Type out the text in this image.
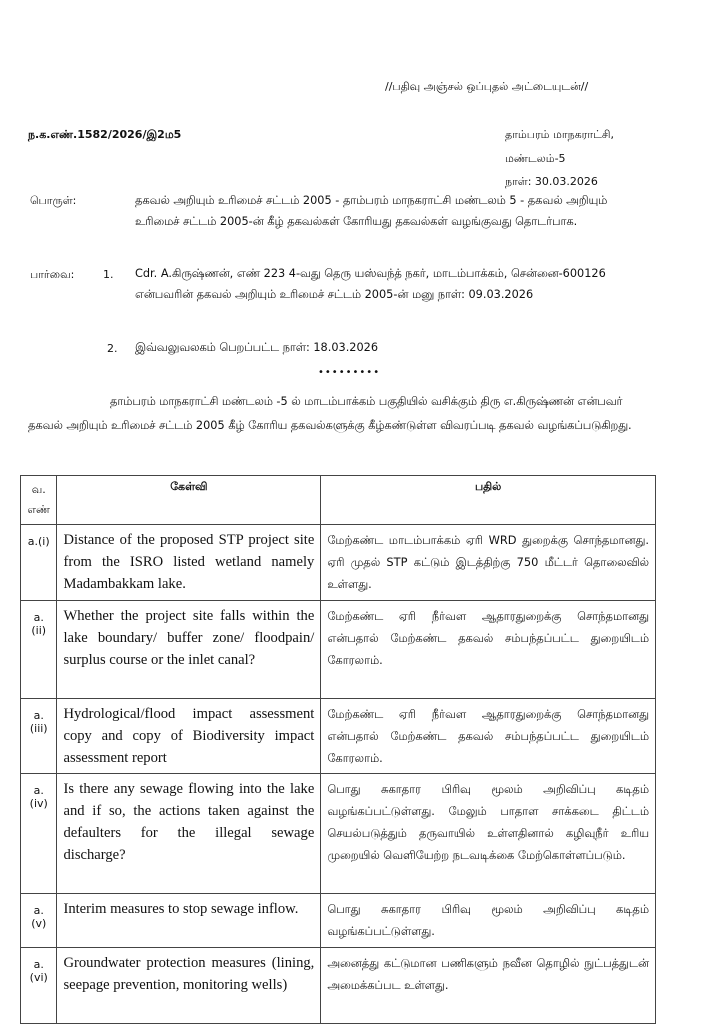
//பதிவு அஞ்சல் ஒப்புதல் அட்டையுடன்//
ந.க.எண்.1582/2026/இ2ம5	தாம்பரம் மாநகராட்சி,
மண்டலம்-5
நாள்: 30.03.2026
பொருள்:	தகவல் அறியும் உரிமைச் சட்டம் 2005 - தாம்பரம் மாநகராட்சி மண்டலம் 5 - தகவல் அறியும் உரிமைச் சட்டம் 2005-ன் கீழ் தகவல்கள் கோரியது தகவல்கள் வழங்குவது தொடர்பாக.
பார்வை:	1. Cdr. A.கிருஷ்ணன், எண் 223 4-வது தெரு யஸ்வந்த் நகர், மாடம்பாக்கம், சென்னை-600126 என்பவரின் தகவல் அறியும் உரிமைச் சட்டம் 2005-ன் மனு நாள்: 09.03.2026
2. இவ்வலுவலகம் பெறப்பட்ட நாள்: 18.03.2026
•••••••••
தாம்பரம் மாநகராட்சி மண்டலம் -5 ல் மாடம்பாக்கம் பகுதியில் வசிக்கும் திரு எ.கிருஷ்ணன் என்பவர் தகவல் அறியும் உரிமைச் சட்டம் 2005 கீழ் கோரிய தகவல்களுக்கு கீழ்கண்டுள்ள விவரப்படி தகவல் வழங்கப்படுகிறது.
வ.
எண்	கேள்வி	பதில்
a.(i)	Distance of the proposed STP project site from the ISRO listed wetland namely Madambakkam lake.	மேற்கண்ட மாடம்பாக்கம் ஏரி WRD துறைக்கு சொந்தமானது. ஏரி முதல் STP கட்டும் இடத்திற்கு 750 மீட்டர் தொலைவில் உள்ளது.
a.(ii)	Whether the project site falls within the lake boundary/ buffer zone/ floodpain/ surplus course or the inlet canal?	மேற்கண்ட ஏரி நீர்வள ஆதாரதுறைக்கு சொந்தமானது என்பதால் மேற்கண்ட தகவல் சம்பந்தப்பட்ட துறையிடம் கோரலாம்.
a.(iii)	Hydrological/flood impact assessment copy and copy of Biodiversity impact assessment report	மேற்கண்ட ஏரி நீர்வள ஆதாரதுறைக்கு சொந்தமானது என்பதால் மேற்கண்ட தகவல் சம்பந்தப்பட்ட துறையிடம் கோரலாம்.
a.(iv)	Is there any sewage flowing into the lake and if so, the actions taken against the defaulters for the illegal sewage discharge?	பொது சுகாதார பிரிவு மூலம் அறிவிப்பு கடிதம் வழங்கப்பட்டுள்ளது. மேலும் பாதாள சாக்கடை திட்டம் செயல்படுத்தும் தருவாயில் உள்ளதினால் கழிவுநீர் உரிய முறையில் வெளியேற்ற நடவடிக்கை மேற்கொள்ளப்படும்.
a.(v)	Interim measures to stop sewage inflow.	பொது சுகாதார பிரிவு மூலம் அறிவிப்பு கடிதம் வழங்கப்பட்டுள்ளது.
a.(vi)	Groundwater protection measures (lining, seepage prevention, monitoring wells)	அனைத்து கட்டுமான பணிகளும் நவீன தொழில் நுட்பத்துடன் அமைக்கப்பட உள்ளது.
